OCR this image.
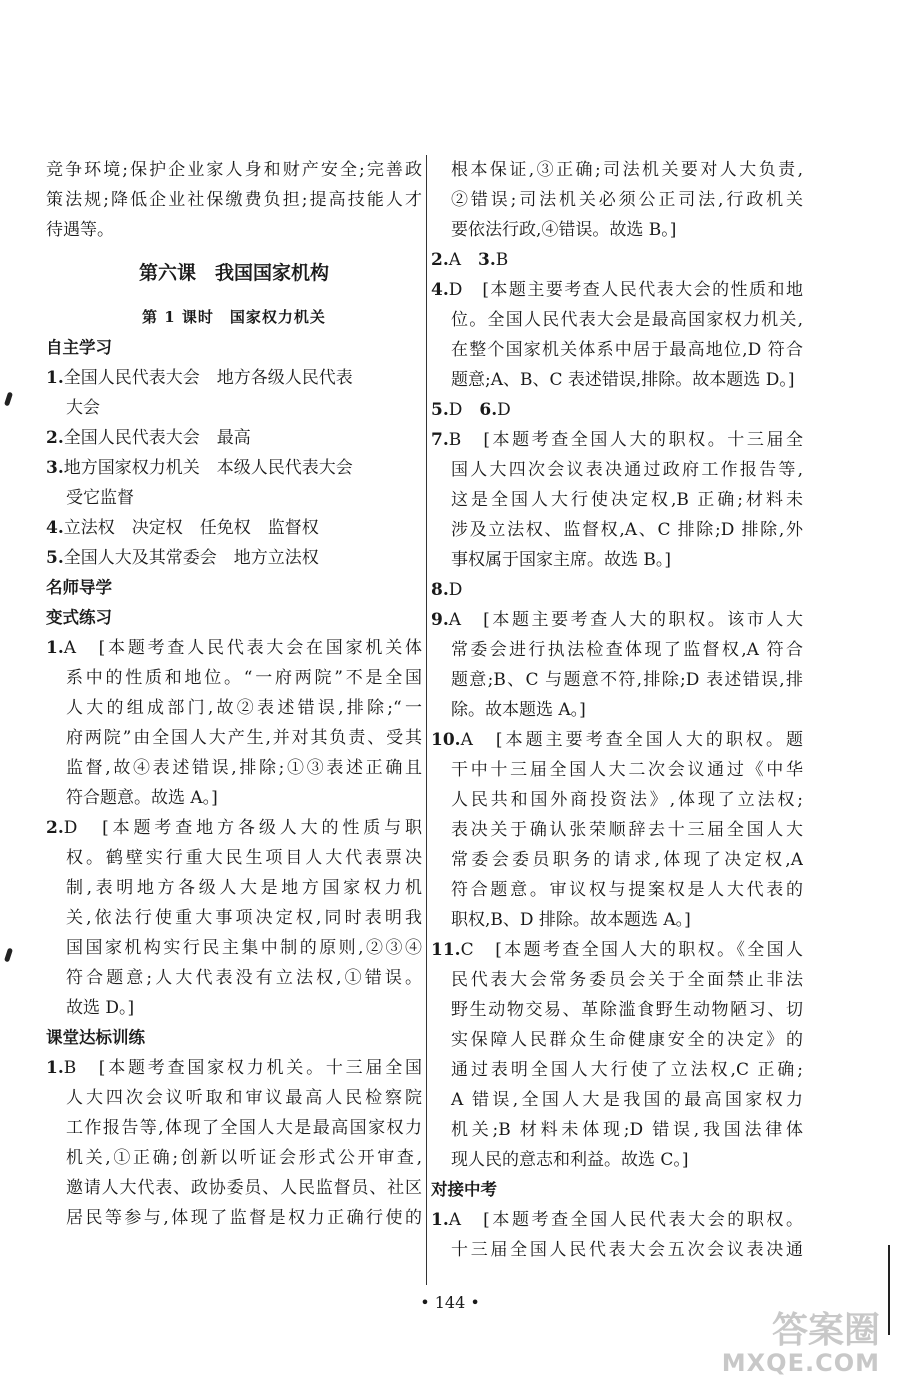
竞争环境;保护企业家人身和财产安全;完善政
策法规;降低企业社保缴费负担;提高技能人才
待遇等。
第六课　我国国家机构
第 1 课时　国家权力机关
自主学习
1.全国人民代表大会　地方各级人民代表
大会
2.全国人民代表大会　最高
3.地方国家权力机关　本级人民代表大会
受它监督
4.立法权　决定权　任免权　监督权
5.全国人大及其常委会　地方立法权
名师导学
变式练习
1.A　[本题考查人民代表大会在国家机关体
系中的性质和地位。“一府两院”不是全国
人大的组成部门,故②表述错误,排除;“一
府两院”由全国人大产生,并对其负责、受其
监督,故④表述错误,排除;①③表述正确且
符合题意。故选 A。]
2.D　[本题考查地方各级人大的性质与职
权。鹤壁实行重大民生项目人大代表票决
制,表明地方各级人大是地方国家权力机
关,依法行使重大事项决定权,同时表明我
国国家机构实行民主集中制的原则,②③④
符合题意;人大代表没有立法权,①错误。
故选 D。]
课堂达标训练
1.B　[本题考查国家权力机关。十三届全国
人大四次会议听取和审议最高人民检察院
工作报告等,体现了全国人大是最高国家权力
机关,①正确;创新以听证会形式公开审查,
邀请人大代表、政协委员、人民监督员、社区
居民等参与,体现了监督是权力正确行使的
根本保证,③正确;司法机关要对人大负责,
②错误;司法机关必须公正司法,行政机关
要依法行政,④错误。故选 B。]
2.A　3.B
4.D　[本题主要考查人民代表大会的性质和地
位。全国人民代表大会是最高国家权力机关,
在整个国家机关体系中居于最高地位,D 符合
题意;A、B、C 表述错误,排除。故本题选 D。]
5.D　6.D
7.B　[本题考查全国人大的职权。十三届全
国人大四次会议表决通过政府工作报告等,
这是全国人大行使决定权,B 正确;材料未
涉及立法权、监督权,A、C 排除;D 排除,外
事权属于国家主席。故选 B。]
8.D
9.A　[本题主要考查人大的职权。该市人大
常委会进行执法检查体现了监督权,A 符合
题意;B、C 与题意不符,排除;D 表述错误,排
除。故本题选 A。]
10.A　[本题主要考查全国人大的职权。题
干中十三届全国人大二次会议通过《中华
人民共和国外商投资法》,体现了立法权;
表决关于确认张荣顺辞去十三届全国人大
常委会委员职务的请求,体现了决定权,A
符合题意。审议权与提案权是人大代表的
职权,B、D 排除。故本题选 A。]
11.C　[本题考查全国人大的职权。《全国人
民代表大会常务委员会关于全面禁止非法
野生动物交易、革除滥食野生动物陋习、切
实保障人民群众生命健康安全的决定》的
通过表明全国人大行使了立法权,C 正确;
A 错误,全国人大是我国的最高国家权力
机关;B 材料未体现;D 错误,我国法律体
现人民的意志和利益。故选 C。]
对接中考
1.A　[本题考查全国人民代表大会的职权。
十三届全国人民代表大会五次会议表决通
• 144 •
答案圈
MXQE.COM
